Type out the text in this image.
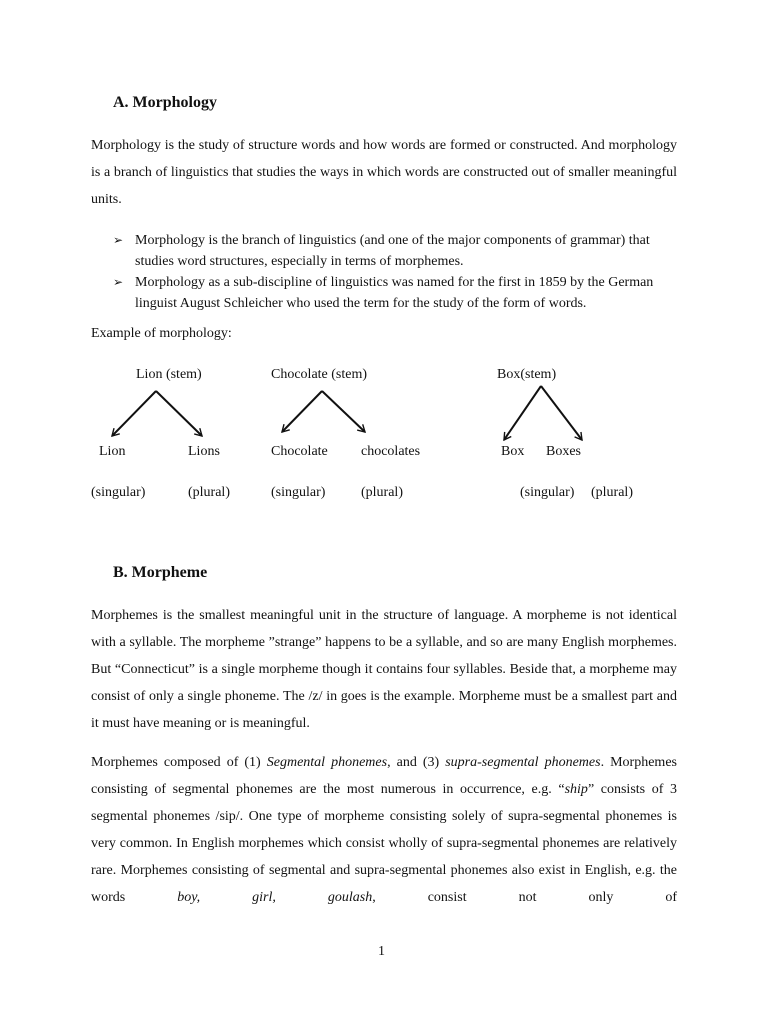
A. Morphology

Morphology is the study of structure words and how words are formed or constructed. And morphology is a branch of linguistics that studies the ways in which words are constructed out of smaller meaningful units.

➢ Morphology is the branch of linguistics (and one of the major components of grammar) that studies word structures, especially in terms of morphemes.
➢ Morphology as a sub-discipline of linguistics was named for the first in 1859 by the German linguist August Schleicher who used the term for the study of the form of words.

Example of morphology:

Lion (stem)	Chocolate (stem)	Box(stem)
Lion	Lions	Chocolate chocolates	Box Boxes
(singular)	(plural)	(singular)	(plural)	(singular) (plural)
B. Morpheme

Morphemes is the smallest meaningful unit in the structure of language. A morpheme is not identical with a syllable. The morpheme ”strange” happens to be a syllable, and so are many English morphemes. But “Connecticut” is a single morpheme though it contains four syllables. Beside that, a morpheme may consist of only a single phoneme. The /z/ in goes is the example. Morpheme must be a smallest part and it must have meaning or is meaningful.

Morphemes composed of (1) Segmental phonemes, and (3) supra-segmental phonemes. Morphemes consisting of segmental phonemes are the most numerous in occurrence, e.g. “ship” consists of 3 segmental phonemes /sip/. One type of morpheme consisting solely of supra-segmental phonemes is very common. In English morphemes which consist wholly of supra-segmental phonemes are relatively rare. Morphemes consisting of segmental and supra-segmental phonemes also exist in English, e.g. the words boy, girl, goulash, consist not only of

1
